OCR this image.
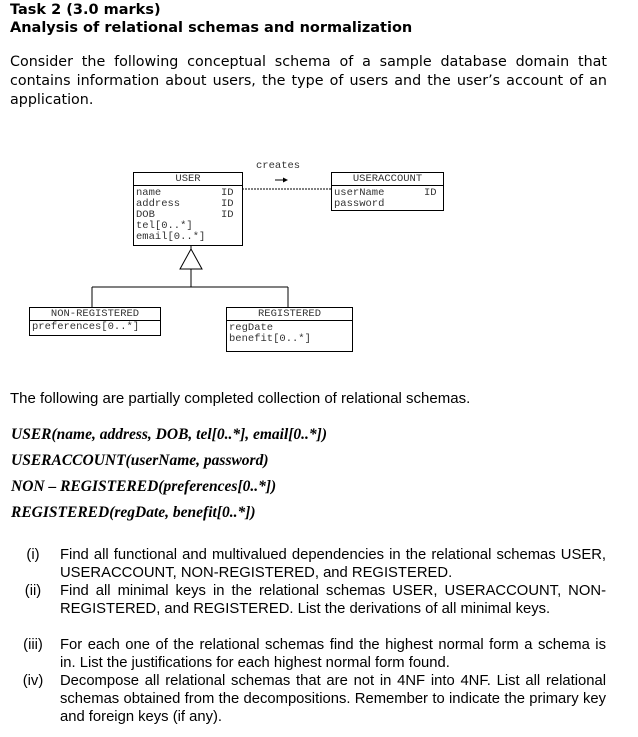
Task 2 (3.0 marks)
Analysis of relational schemas and normalization
Consider the following conceptual schema of a sample database domain that contains information about users, the type of users and the user’s account of an application.
creates
USER
name
address
DOB
tel[0..*]
email[0..*]
ID
ID
ID
USERACCOUNT
userName
password
ID
NON-REGISTERED
preferences[0..*]
REGISTERED
regDate
benefit[0..*]
The following are partially completed collection of relational schemas.
USER(name, address, DOB, tel[0..*], email[0..*])
USERACCOUNT(userName, password)
NON – REGISTERED(preferences[0..*])
REGISTERED(regDate, benefit[0..*])
(i)	Find all functional and multivalued dependencies in the relational schemas USER, USERACCOUNT, NON-REGISTERED, and REGISTERED.
(ii)	Find all minimal keys in the relational schemas USER, USERACCOUNT, NON-REGISTERED, and REGISTERED. List the derivations of all minimal keys.
(iii)	For each one of the relational schemas find the highest normal form a schema is in. List the justifications for each highest normal form found.
(iv)	Decompose all relational schemas that are not in 4NF into 4NF. List all relational schemas obtained from the decompositions. Remember to indicate the primary key and foreign keys (if any).
